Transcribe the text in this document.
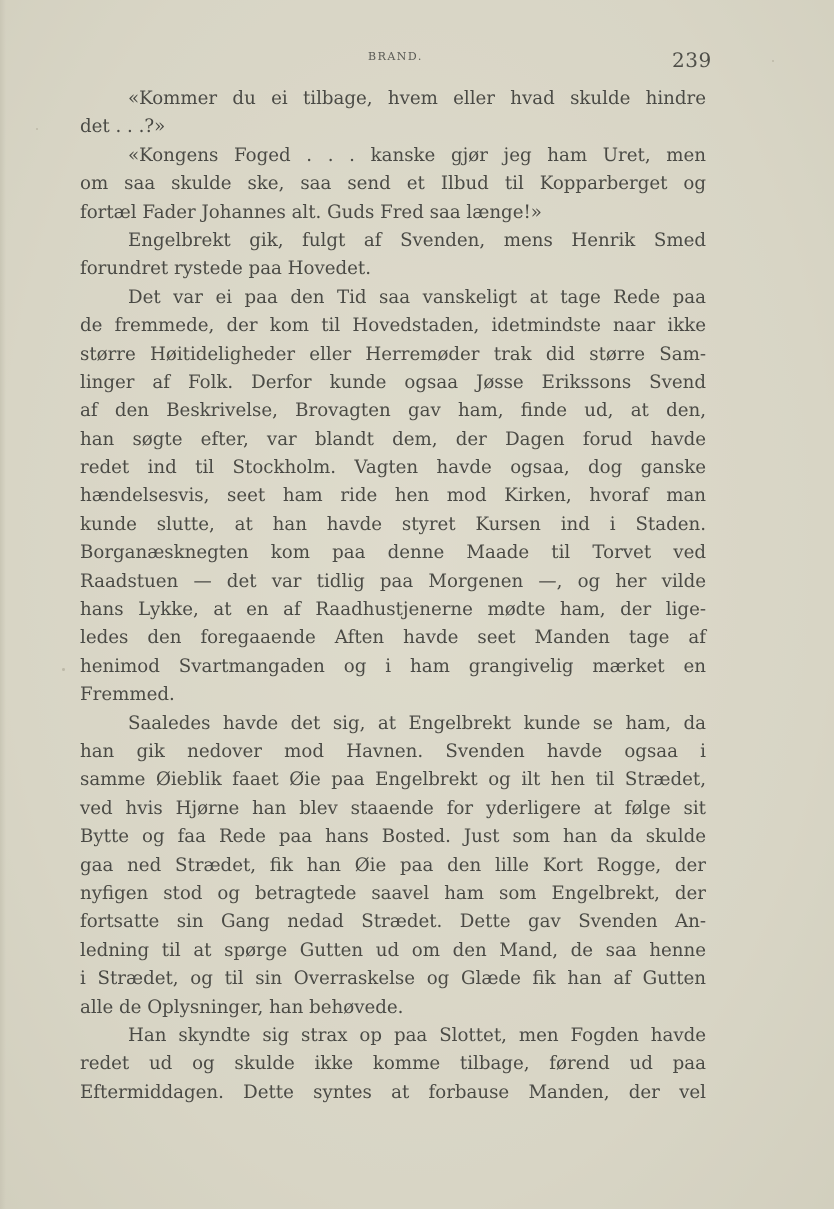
BRAND.	239
«Kommer du ei tilbage, hvem eller hvad skulde hindre
det . . .?»
«Kongens Foged . . . kanske gjør jeg ham Uret, men
om saa skulde ske, saa send et Ilbud til Kopparberget og
fortæl Fader Johannes alt. Guds Fred saa længe!»
Engelbrekt gik, fulgt af Svenden, mens Henrik Smed
forundret rystede paa Hovedet.
Det var ei paa den Tid saa vanskeligt at tage Rede paa
de fremmede, der kom til Hovedstaden, idetmindste naar ikke
større Høitideligheder eller Herremøder trak did større Sam-
linger af Folk. Derfor kunde ogsaa Jøsse Erikssons Svend
af den Beskrivelse, Brovagten gav ham, finde ud, at den,
han søgte efter, var blandt dem, der Dagen forud havde
redet ind til Stockholm. Vagten havde ogsaa, dog ganske
hændelsesvis, seet ham ride hen mod Kirken, hvoraf man
kunde slutte, at han havde styret Kursen ind i Staden.
Borganæsknegten kom paa denne Maade til Torvet ved
Raadstuen — det var tidlig paa Morgenen —, og her vilde
hans Lykke, at en af Raadhustjenerne mødte ham, der lige-
ledes den foregaaende Aften havde seet Manden tage af
henimod Svartmangaden og i ham grangivelig mærket en
Fremmed.
Saaledes havde det sig, at Engelbrekt kunde se ham, da
han gik nedover mod Havnen. Svenden havde ogsaa i
samme Øieblik faaet Øie paa Engelbrekt og ilt hen til Strædet,
ved hvis Hjørne han blev staaende for yderligere at følge sit
Bytte og faa Rede paa hans Bosted. Just som han da skulde
gaa ned Strædet, fik han Øie paa den lille Kort Rogge, der
nyfigen stod og betragtede saavel ham som Engelbrekt, der
fortsatte sin Gang nedad Strædet. Dette gav Svenden An-
ledning til at spørge Gutten ud om den Mand, de saa henne
i Strædet, og til sin Overraskelse og Glæde fik han af Gutten
alle de Oplysninger, han behøvede.
Han skyndte sig strax op paa Slottet, men Fogden havde
redet ud og skulde ikke komme tilbage, førend ud paa
Eftermiddagen. Dette syntes at forbause Manden, der vel
